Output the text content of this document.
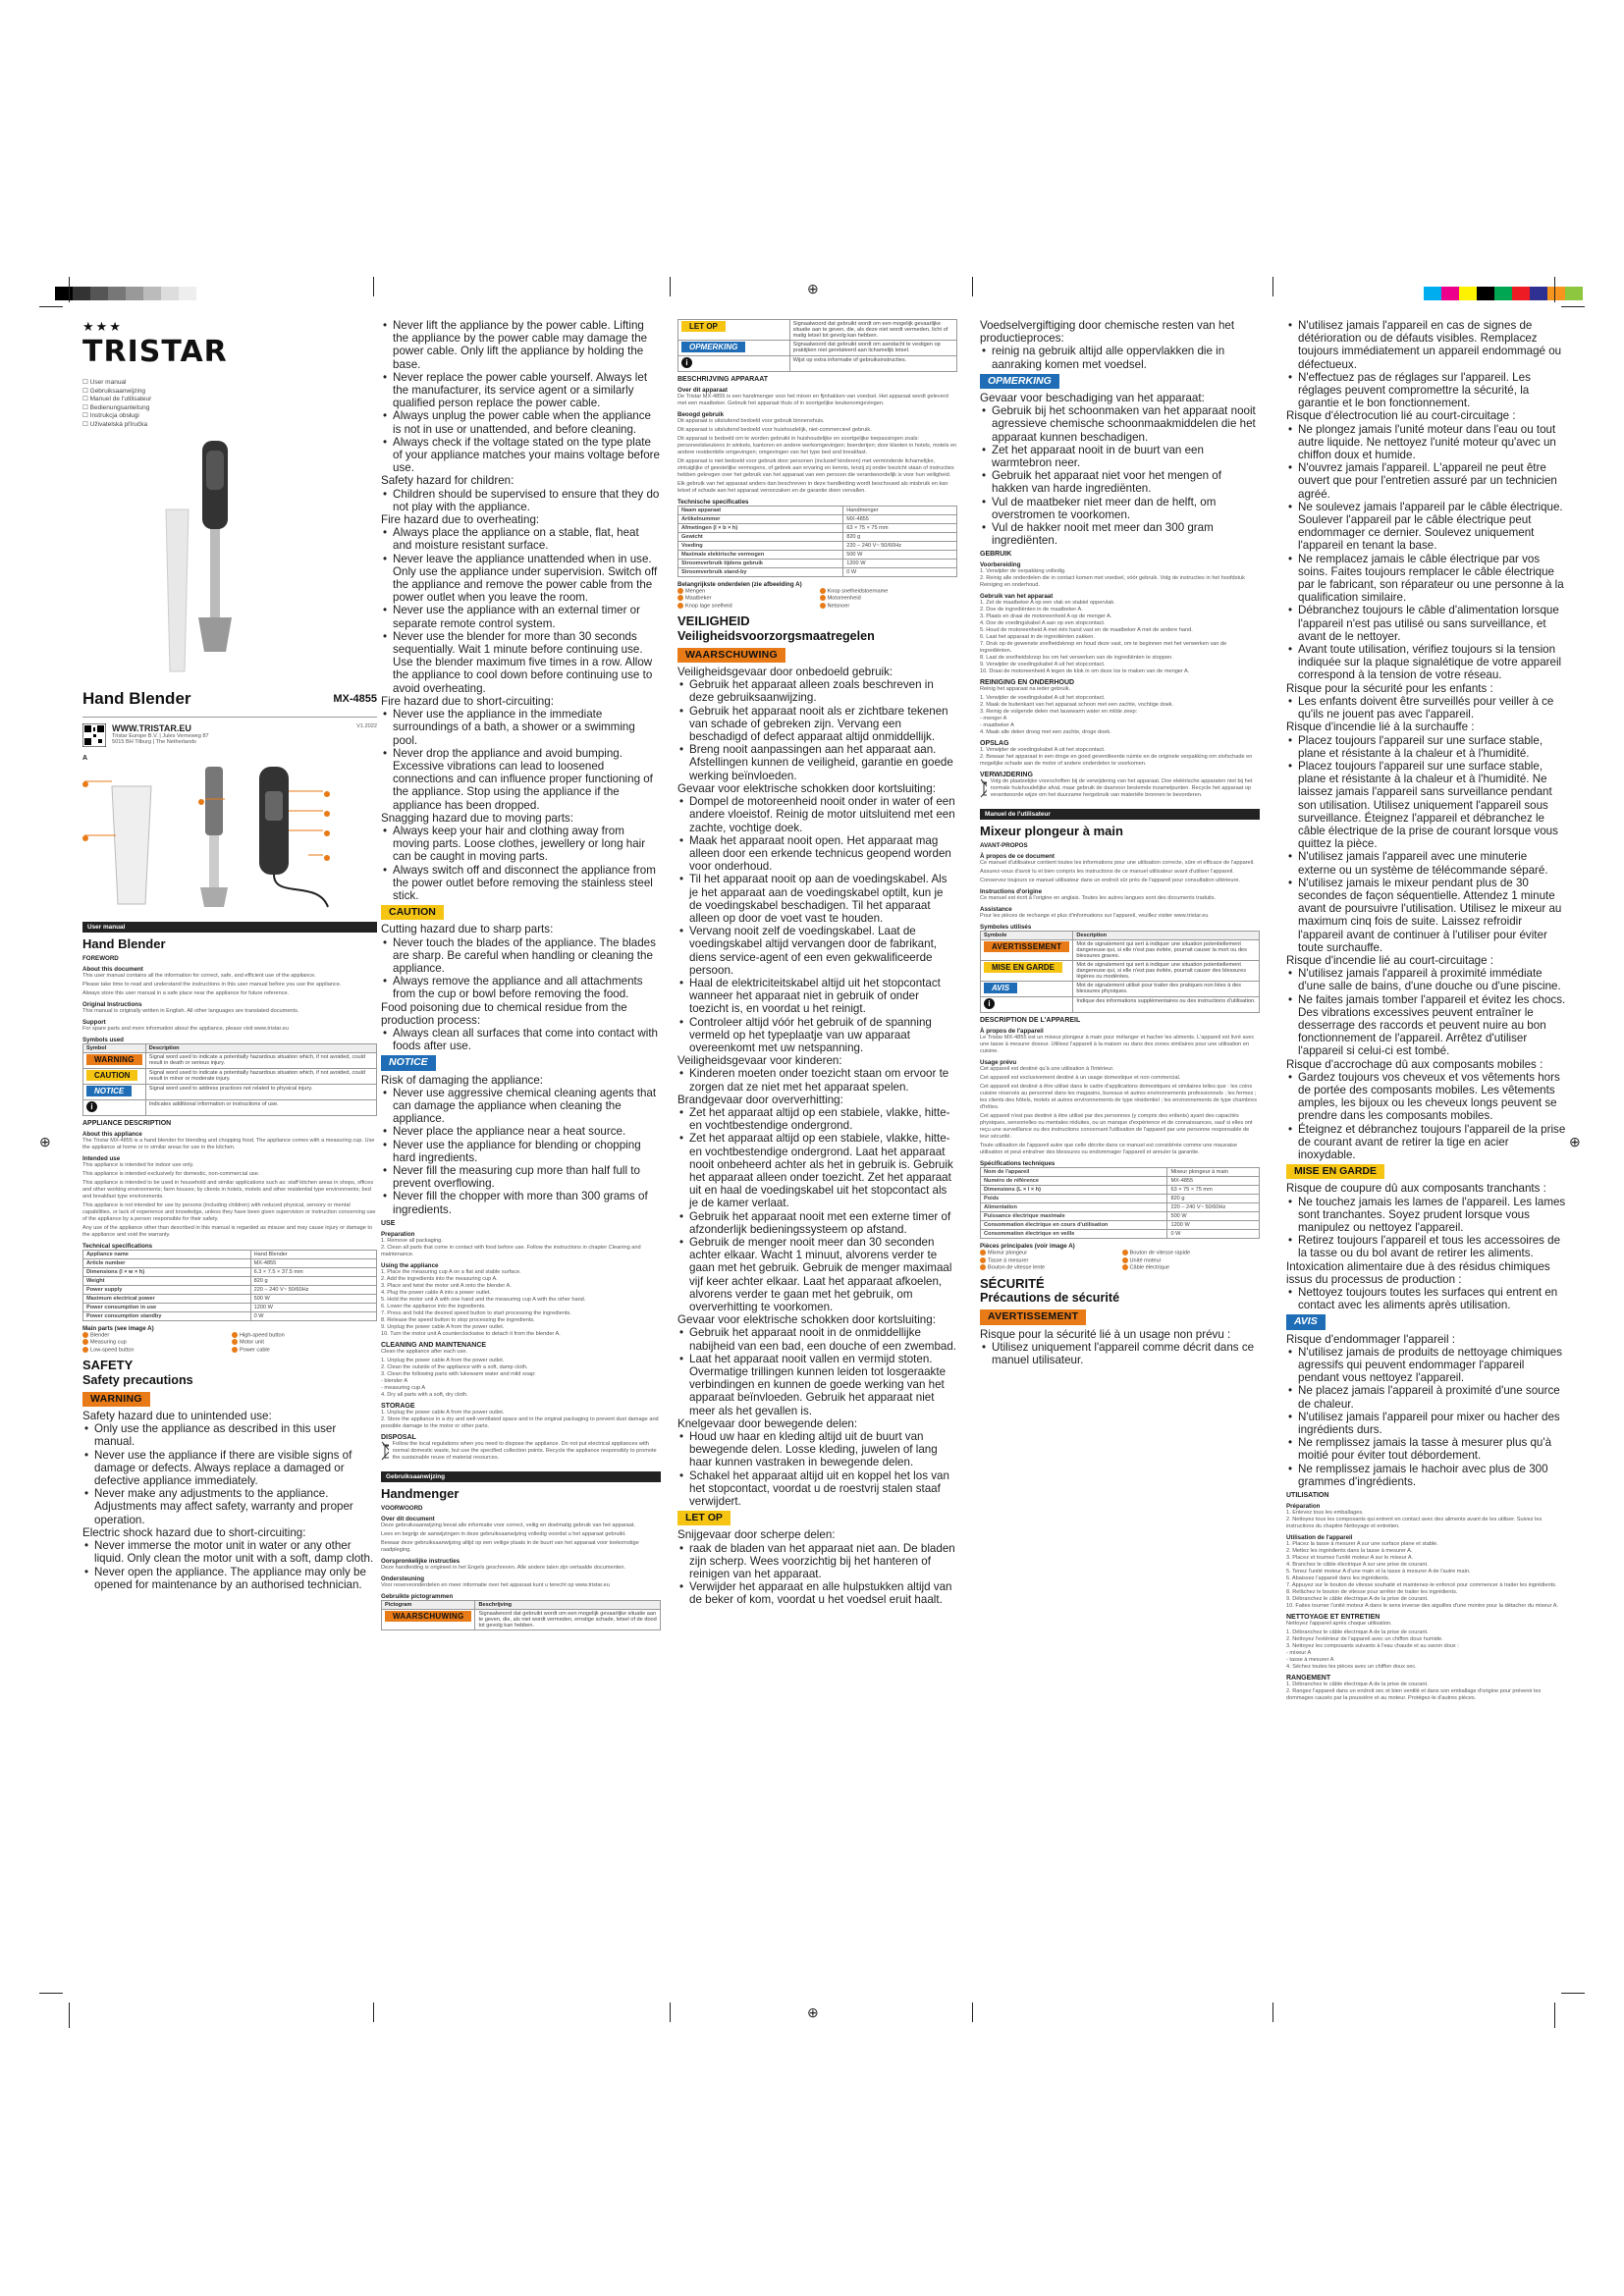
⊕
⊕
⊕	⊕
★★★
TRISTAR
☐ User manual
☐ Gebruiksaanwijzing
☐ Manuel de l'utilisateur
☐ Bedienungsanleitung
☐ Instrukcja obsługi
☐ Uživatelská příručka
Hand Blender	MX-4855
WWW.TRISTAR.EU
Tristar Europe B.V. | Jules Verneweg 87
5015 BH Tilburg | The Netherlands
V1.2022
A
User manual
Hand Blender
FOREWORD
About this document

This user manual contains all the information for correct, safe, and efficient use of the appliance.

Please take time to read and understand the instructions in this user manual before you use the appliance.

Always store this user manual in a safe place near the appliance for future reference.

Original Instructions

This manual is originally written in English. All other languages are translated documents.

Support

For spare parts and more information about the appliance, please visit www.tristar.eu

Symbols used
Symbol	Description
WARNING	Signal word used to indicate a potentially hazardous situation which, if not avoided, could result in death or serious injury.
CAUTION	Signal word used to indicate a potentially hazardous situation which, if not avoided, could result in minor or moderate injury.
NOTICE	Signal word used to address practices not related to physical injury.
i	Indicates additional information or instructions of use.
APPLIANCE DESCRIPTION
About this appliance

The Tristar MX-4855 is a hand blender for blending and chopping food. The appliance comes with a measuring cup. Use the appliance at home or in similar areas for use in the kitchen.

Intended use

This appliance is intended for indoor use only.

This appliance is intended exclusively for domestic, non-commercial use.

This appliance is intended to be used in household and similar applications such as: staff kitchen areas in shops, offices and other working environments; farm houses; by clients in hotels, motels and other residential type environments; bed and breakfast type environments.

This appliance is not intended for use by persons (including children) with reduced physical, sensory or mental capabilities, or lack of experience and knowledge, unless they have been given supervision or instruction concerning use of the appliance by a person responsible for their safety.

Any use of the appliance other than described in this manual is regarded as misuse and may cause injury or damage to the appliance and void the warranty.

Technical specifications
Appliance name	Hand Blender
Article number	MX-4855
Dimensions (l × w × h)	6.3 × 7.5 × 37.5 mm
Weight	820 g
Power supply	220 – 240 V~ 50/60Hz
Maximum electrical power	500 W
Power consumption in use	1200 W
Power consumption standby	0 W
Main parts (see image A)
Blender	High-speed button
Measuring cup	Motor unit
Low-speed button	Power cable
SAFETY
Safety precautions
WARNING

Safety hazard due to unintended use:

• Only use the appliance as described in this user manual.
• Never use the appliance if there are visible signs of damage or defects. Always replace a damaged or defective appliance immediately.
• Never make any adjustments to the appliance. Adjustments may affect safety, warranty and proper operation.

Electric shock hazard due to short-circuiting:

• Never immerse the motor unit in water or any other liquid. Only clean the motor unit with a soft, damp cloth.
• Never open the appliance. The appliance may only be opened for maintenance by an authorised technician.
• Never lift the appliance by the power cable. Lifting the appliance by the power cable may damage the power cable. Only lift the appliance by holding the base.
• Never replace the power cable yourself. Always let the manufacturer, its service agent or a similarly qualified person replace the power cable.
• Always unplug the power cable when the appliance is not in use or unattended, and before cleaning.
• Always check if the voltage stated on the type plate of your appliance matches your mains voltage before use.

Safety hazard for children:

• Children should be supervised to ensure that they do not play with the appliance.

Fire hazard due to overheating:

• Always place the appliance on a stable, flat, heat and moisture resistant surface.
• Never leave the appliance unattended when in use. Only use the appliance under supervision. Switch off the appliance and remove the power cable from the power outlet when you leave the room.
• Never use the appliance with an external timer or separate remote control system.
• Never use the blender for more than 30 seconds sequentially. Wait 1 minute before continuing use. Use the blender maximum five times in a row. Allow the appliance to cool down before continuing use to avoid overheating.

Fire hazard due to short-circuiting:

• Never use the appliance in the immediate surroundings of a bath, a shower or a swimming pool.
• Never drop the appliance and avoid bumping. Excessive vibrations can lead to loosened connections and can influence proper functioning of the appliance. Stop using the appliance if the appliance has been dropped.

Snagging hazard due to moving parts:

• Always keep your hair and clothing away from moving parts. Loose clothes, jewellery or long hair can be caught in moving parts.
• Always switch off and disconnect the appliance from the power outlet before removing the stainless steel stick.
CAUTION

Cutting hazard due to sharp parts:

• Never touch the blades of the appliance. The blades are sharp. Be careful when handling or cleaning the appliance.
• Always remove the appliance and all attachments from the cup or bowl before removing the food.

Food poisoning due to chemical residue from the production process:

• Always clean all surfaces that come into contact with foods after use.
NOTICE

Risk of damaging the appliance:

• Never use aggressive chemical cleaning agents that can damage the appliance when cleaning the appliance.
• Never place the appliance near a heat source.
• Never use the appliance for blending or chopping hard ingredients.
• Never fill the measuring cup more than half full to prevent overflowing.
• Never fill the chopper with more than 300 grams of ingredients.
USE
Preparation
1. Remove all packaging.
2. Clean all parts that come in contact with food before use. Follow the instructions in chapter Cleaning and maintenance.
Using the appliance
1. Place the measuring cup A on a flat and stable surface.
2. Add the ingredients into the measuring cup A.
3. Place and twist the motor unit A onto the blender A.
4. Plug the power cable A into a power outlet.
5. Hold the motor unit A with one hand and the measuring cup A with the other hand.
6. Lower the appliance into the ingredients.
7. Press and hold the desired speed button to start processing the ingredients.
8. Release the speed button to stop processing the ingredients.
9. Unplug the power cable A from the power outlet.
10. Turn the motor unit A counterclockwise to detach it from the blender A.
CLEANING AND MAINTENANCE

Clean the appliance after each use.

1. Unplug the power cable A from the power outlet.
2. Clean the outside of the appliance with a soft, damp cloth.
3. Clean the following parts with lukewarm water and mild soap:
- blender A
- measuring cup A
4. Dry all parts with a soft, dry cloth.
STORAGE
1. Unplug the power cable A from the power outlet.
2. Store the appliance in a dry and well-ventilated space and in the original packaging to prevent dust damage and possible damage to the motor or other parts.
DISPOSAL

Follow the local regulations when you need to dispose the appliance. Do not put electrical appliances with normal domestic waste, but use the specified collection points. Recycle the appliance responsibly to promote the sustainable reuse of material resources.

Gebruiksaanwijzing
Handmenger
VOORWOORD
Over dit document

Deze gebruiksaanwijzing bevat alle informatie voor correct, veilig en doelmatig gebruik van het apparaat.

Lees en begrijp de aanwijzingen in deze gebruiksaanwijzing volledig voordat u het apparaat gebruikt.

Bewaar deze gebruiksaanwijzing altijd op een veilige plaats in de buurt van het apparaat voor toekomstige raadpleging.

Oorspronkelijke instructies

Deze handleiding is origineel in het Engels geschreven. Alle andere talen zijn vertaalde documenten.

Ondersteuning

Voor reserveonderdelen en meer informatie over het apparaat kunt u terecht op www.tristar.eu

Gebruikte pictogrammen
Pictogram	Beschrijving
WAARSCHUWING	Signaalwoord dat gebruikt wordt om een mogelijk gevaarlijke situatie aan te geven, die, als niet wordt vermeden, ernstige schade, letsel of de dood tot gevolg kan hebben.
LET OP	Signaalwoord dat gebruikt wordt om een mogelijk gevaarlijke situatie aan te geven, die, als deze niet wordt vermeden, licht of matig letsel tot gevolg kan hebben.
OPMERKING	Signaalwoord dat gebruikt wordt om aandacht te vestigen op praktijken niet gerelateerd aan lichamelijk letsel.
i	Wijst op extra informatie of gebruiksinstructies.
BESCHRIJVING APPARAAT
Over dit apparaat

De Tristar MX-4855 is een handmenger voor het mixen en fijnhakken van voedsel. Het apparaat wordt geleverd met een maatbeker. Gebruik het apparaat thuis of in soortgelijke keukenomgevingen.

Beoogd gebruik

Dit apparaat is uitsluitend bedoeld voor gebruik binnenshuis.

Dit apparaat is uitsluitend bedoeld voor huishoudelijk, niet-commercieel gebruik.

Dit apparaat is bedoeld om te worden gebruikt in huishoudelijke en soortgelijke toepassingen zoals: personeelskeukens in winkels, kantoren en andere werkomgevingen; boerderijen; door klanten in hotels, motels en andere residentiële omgevingen; omgevingen van het type bed and breakfast.

Dit apparaat is niet bedoeld voor gebruik door personen (inclusief kinderen) met verminderde lichamelijke, zintuiglijke of geestelijke vermogens, of gebrek aan ervaring en kennis, tenzij zij onder toezicht staan of instructies hebben gekregen over het gebruik van het apparaat van een persoon die verantwoordelijk is voor hun veiligheid.

Elk gebruik van het apparaat anders dan beschreven in deze handleiding wordt beschouwd als misbruik en kan letsel of schade aan het apparaat veroorzaken en de garantie doen vervallen.

Technische specificaties
Naam apparaat	Handmenger
Artikelnummer	MX-4855
Afmetingen (l × b × h)	63 × 75 × 75 mm
Gewicht	820 g
Voeding	220 – 240 V~ 50/60Hz
Maximale elektrische vermogen	500 W
Stroomverbruik tijdens gebruik	1200 W
Stroomverbruik stand-by	0 W
Belangrijkste onderdelen (zie afbeelding A)
Mengen	Knop snelheidstoername
Maatbeker	Motoreenheid
Knop lage snelheid	Netsnoer
VEILIGHEID
Veiligheidsvoorzorgsmaatregelen
WAARSCHUWING

Veiligheidsgevaar door onbedoeld gebruik:

• Gebruik het apparaat alleen zoals beschreven in deze gebruiksaanwijzing.
• Gebruik het apparaat nooit als er zichtbare tekenen van schade of gebreken zijn. Vervang een beschadigd of defect apparaat altijd onmiddellijk.
• Breng nooit aanpassingen aan het apparaat aan. Afstellingen kunnen de veiligheid, garantie en goede werking beïnvloeden.

Gevaar voor elektrische schokken door kortsluiting:

• Dompel de motoreenheid nooit onder in water of een andere vloeistof. Reinig de motor uitsluitend met een zachte, vochtige doek.
• Maak het apparaat nooit open. Het apparaat mag alleen door een erkende technicus geopend worden voor onderhoud.
• Til het apparaat nooit op aan de voedingskabel. Als je het apparaat aan de voedingskabel optilt, kun je de voedingskabel beschadigen. Til het apparaat alleen op door de voet vast te houden.
• Vervang nooit zelf de voedingskabel. Laat de voedingskabel altijd vervangen door de fabrikant, diens service-agent of een even gekwalificeerde persoon.
• Haal de elektriciteitskabel altijd uit het stopcontact wanneer het apparaat niet in gebruik of onder toezicht is, en voordat u het reinigt.
• Controleer altijd vóór het gebruik of de spanning vermeld op het typeplaatje van uw apparaat overeenkomt met uw netspanning.

Veiligheidsgevaar voor kinderen:

• Kinderen moeten onder toezicht staan om ervoor te zorgen dat ze niet met het apparaat spelen.

Brandgevaar door oververhitting:

• Zet het apparaat altijd op een stabiele, vlakke, hitte- en vochtbestendige ondergrond.
• Zet het apparaat altijd op een stabiele, vlakke, hitte- en vochtbestendige ondergrond. Laat het apparaat nooit onbeheerd achter als het in gebruik is. Gebruik het apparaat alleen onder toezicht. Zet het apparaat uit en haal de voedingskabel uit het stopcontact als je de kamer verlaat.
• Gebruik het apparaat nooit met een externe timer of afzonderlijk bedieningssysteem op afstand.
• Gebruik de menger nooit meer dan 30 seconden achter elkaar. Wacht 1 minuut, alvorens verder te gaan met het gebruik. Gebruik de menger maximaal vijf keer achter elkaar. Laat het apparaat afkoelen, alvorens verder te gaan met het gebruik, om oververhitting te voorkomen.

Gevaar voor elektrische schokken door kortsluiting:

• Gebruik het apparaat nooit in de onmiddellijke nabijheid van een bad, een douche of een zwembad.
• Laat het apparaat nooit vallen en vermijd stoten. Overmatige trillingen kunnen leiden tot losgeraakte verbindingen en kunnen de goede werking van het apparaat beïnvloeden. Gebruik het apparaat niet meer als het gevallen is.

Knelgevaar door bewegende delen:

• Houd uw haar en kleding altijd uit de buurt van bewegende delen. Losse kleding, juwelen of lang haar kunnen vastraken in bewegende delen.
• Schakel het apparaat altijd uit en koppel het los van het stopcontact, voordat u de roestvrij stalen staaf verwijdert.
LET OP

Snijgevaar door scherpe delen:

• raak de bladen van het apparaat niet aan. De bladen zijn scherp. Wees voorzichtig bij het hanteren of reinigen van het apparaat.
• Verwijder het apparaat en alle hulpstukken altijd van de beker of kom, voordat u het voedsel eruit haalt.

Voedselvergiftiging door chemische resten van het productieproces:

• reinig na gebruik altijd alle oppervlakken die in aanraking komen met voedsel.
OPMERKING

Gevaar voor beschadiging van het apparaat:

• Gebruik bij het schoonmaken van het apparaat nooit agressieve chemische schoonmaakmiddelen die het apparaat kunnen beschadigen.
• Zet het apparaat nooit in de buurt van een warmtebron neer.
• Gebruik het apparaat niet voor het mengen of hakken van harde ingrediënten.
• Vul de maatbeker niet meer dan de helft, om overstromen te voorkomen.
• Vul de hakker nooit met meer dan 300 gram ingrediënten.
GEBRUIK
Voorbereiding
1. Verwijder de verpakking volledig.
2. Reinig alle onderdelen die in contact komen met voedsel, vóór gebruik. Volg de instructies in het hoofdstuk Reiniging en onderhoud.
Gebruik van het apparaat
1. Zet de maatbeker A op een vlak en stabiel oppervlak.
2. Doe de ingrediënten in de maatbeker A.
3. Plaats en draai de motoreenheid A op de menger A.
4. Doe de voedingskabel A aan op een stopcontact.
5. Houd de motoreenheid A met één hand vast en de maatbeker A met de andere hand.
6. Laat het apparaat in de ingrediënten zakken.
7. Druk op de gewenste snelheidsknop en houd deze vast, om te beginnen met het verwerken van de ingrediënten.
8. Laat de snelheidsknop los om het verwerken van de ingrediënten te stoppen.
9. Verwijder de voedingskabel A uit het stopcontact.
10. Draai de motoreenheid A tegen de klok in om deze los te maken van de menger A.
REINIGING EN ONDERHOUD

Reinig het apparaat na ieder gebruik.

1. Verwijder de voedingskabel A uit het stopcontact.
2. Maak de buitenkant van het apparaat schoon met een zachte, vochtige doek.
3. Reinig de volgende delen met lauwwarm water en milde zeep:
- menger A
- maatbeker A
4. Maak alle delen droog met een zachte, droge doek.
OPSLAG
1. Verwijder de voedingskabel A uit het stopcontact.
2. Bewaar het apparaat in een droge en goed geventileerde ruimte en de originele verpakking om stofschade en mogelijke schade aan de motor of andere onderdelen te voorkomen.
VERWIJDERING

Volg de plaatselijke voorschriften bij de verwijdering van het apparaat. Doe elektrische apparaten niet bij het normale huishoudelijke afval, maar gebruik de daarvoor bestemde inzamelpunten. Recycle het apparaat op verantwoorde wijze om het duurzame hergebruik van materiële bronnen te bevorderen.

Manuel de l'utilisateur
Mixeur plongeur à main
AVANT-PROPOS
À propos de ce document

Ce manuel d'utilisateur contient toutes les informations pour une utilisation correcte, sûre et efficace de l'appareil.

Assurez-vous d'avoir lu et bien compris les instructions de ce manuel utilisateur avant d'utiliser l'appareil.

Conservez toujours ce manuel utilisateur dans un endroit sûr près de l'appareil pour consultation ultérieure.

Instructions d'origine

Ce manuel est écrit à l'origine en anglais. Toutes les autres langues sont des documents traduits.

Assistance

Pour les pièces de rechange et plus d'informations sur l'appareil, veuillez visiter www.tristar.eu

Symboles utilisés
Symbole	Description
AVERTISSEMENT	Mot de signalement qui sert à indiquer une situation potentiellement dangereuse qui, si elle n'est pas évitée, pourrait causer la mort ou des blessures graves.
MISE EN GARDE	Mot de signalement qui sert à indiquer une situation potentiellement dangereuse qui, si elle n'est pas évitée, pourrait causer des blessures légères ou modérées.
AVIS	Mot de signalement utilisé pour traiter des pratiques non liées à des blessures physiques.
i	Indique des informations supplémentaires ou des instructions d'utilisation.
DESCRIPTION DE L'APPAREIL
À propos de l'appareil

Le Tristar MX-4855 est un mixeur plongeur à main pour mélanger et hacher les aliments. L'appareil est livré avec une tasse à mesurer doseur. Utilisez l'appareil à la maison ou dans des zones similaires pour une utilisation en cuisine.

Usage prévu

Cet appareil est destiné qu'à une utilisation à l'intérieur.

Cet appareil est exclusivement destiné à un usage domestique et non commercial.

Cet appareil est destiné à être utilisé dans le cadre d'applications domestiques et similaires telles que : les coins cuisine réservés au personnel dans les magasins, bureaux et autres environnements professionnels ; les fermes ; les clients des hôtels, motels et autres environnements de type résidentiel ; les environnements de type chambres d'hôtes.

Cet appareil n'est pas destiné à être utilisé par des personnes (y compris des enfants) ayant des capacités physiques, sensorielles ou mentales réduites, ou un manque d'expérience et de connaissances, sauf si elles ont reçu une surveillance ou des instructions concernant l'utilisation de l'appareil par une personne responsable de leur sécurité.

Toute utilisation de l'appareil autre que celle décrite dans ce manuel est considérée comme une mauvaise utilisation et peut entraîner des blessures ou endommager l'appareil et annuler la garantie.

Spécifications techniques
Nom de l'appareil	Mixeur plongeur à main
Numéro de référence	MX-4855
Dimensions (L × l × h)	63 × 75 × 75 mm
Poids	820 g
Alimentation	220 – 240 V~ 50/60Hz
Puissance électrique maximale	500 W
Consommation électrique en cours d'utilisation	1200 W
Consommation électrique en veille	0 W
Pièces principales (voir image A)
Mixeur plongeur	Bouton de vitesse rapide
Tasse à mesurer	Unité moteur
Bouton de vitesse lente	Câble électrique
SÉCURITÉ
Précautions de sécurité
AVERTISSEMENT

Risque pour la sécurité lié à un usage non prévu :

• Utilisez uniquement l'appareil comme décrit dans ce manuel utilisateur.
• N'utilisez jamais l'appareil en cas de signes de détérioration ou de défauts visibles. Remplacez toujours immédiatement un appareil endommagé ou défectueux.
• N'effectuez pas de réglages sur l'appareil. Les réglages peuvent compromettre la sécurité, la garantie et le bon fonctionnement.

Risque d'électrocution lié au court-circuitage :

• Ne plongez jamais l'unité moteur dans l'eau ou tout autre liquide. Ne nettoyez l'unité moteur qu'avec un chiffon doux et humide.
• N'ouvrez jamais l'appareil. L'appareil ne peut être ouvert que pour l'entretien assuré par un technicien agréé.
• Ne soulevez jamais l'appareil par le câble électrique. Soulever l'appareil par le câble électrique peut endommager ce dernier. Soulevez uniquement l'appareil en tenant la base.
• Ne remplacez jamais le câble électrique par vos soins. Faites toujours remplacer le câble électrique par le fabricant, son réparateur ou une personne à la qualification similaire.
• Débranchez toujours le câble d'alimentation lorsque l'appareil n'est pas utilisé ou sans surveillance, et avant de le nettoyer.
• Avant toute utilisation, vérifiez toujours si la tension indiquée sur la plaque signalétique de votre appareil correspond à la tension de votre réseau.

Risque pour la sécurité pour les enfants :

• Les enfants doivent être surveillés pour veiller à ce qu'ils ne jouent pas avec l'appareil.

Risque d'incendie lié à la surchauffe :

• Placez toujours l'appareil sur une surface stable, plane et résistante à la chaleur et à l'humidité.
• Placez toujours l'appareil sur une surface stable, plane et résistante à la chaleur et à l'humidité. Ne laissez jamais l'appareil sans surveillance pendant son utilisation. Utilisez uniquement l'appareil sous surveillance. Éteignez l'appareil et débranchez le câble électrique de la prise de courant lorsque vous quittez la pièce.
• N'utilisez jamais l'appareil avec une minuterie externe ou un système de télécommande séparé.
• N'utilisez jamais le mixeur pendant plus de 30 secondes de façon séquentielle. Attendez 1 minute avant de poursuivre l'utilisation. Utilisez le mixeur au maximum cinq fois de suite. Laissez refroidir l'appareil avant de continuer à l'utiliser pour éviter toute surchauffe.

Risque d'incendie lié au court-circuitage :

• N'utilisez jamais l'appareil à proximité immédiate d'une salle de bains, d'une douche ou d'une piscine.
• Ne faites jamais tomber l'appareil et évitez les chocs. Des vibrations excessives peuvent entraîner le desserrage des raccords et peuvent nuire au bon fonctionnement de l'appareil. Arrêtez d'utiliser l'appareil si celui-ci est tombé.

Risque d'accrochage dû aux composants mobiles :

• Gardez toujours vos cheveux et vos vêtements hors de portée des composants mobiles. Les vêtements amples, les bijoux ou les cheveux longs peuvent se prendre dans les composants mobiles.
• Éteignez et débranchez toujours l'appareil de la prise de courant avant de retirer la tige en acier inoxydable.
MISE EN GARDE

Risque de coupure dû aux composants tranchants :

• Ne touchez jamais les lames de l'appareil. Les lames sont tranchantes. Soyez prudent lorsque vous manipulez ou nettoyez l'appareil.
• Retirez toujours l'appareil et tous les accessoires de la tasse ou du bol avant de retirer les aliments.

Intoxication alimentaire due à des résidus chimiques issus du processus de production :

• Nettoyez toujours toutes les surfaces qui entrent en contact avec les aliments après utilisation.
AVIS

Risque d'endommager l'appareil :

• N'utilisez jamais de produits de nettoyage chimiques agressifs qui peuvent endommager l'appareil pendant vous nettoyez l'appareil.
• Ne placez jamais l'appareil à proximité d'une source de chaleur.
• N'utilisez jamais l'appareil pour mixer ou hacher des ingrédients durs.
• Ne remplissez jamais la tasse à mesurer plus qu'à moitié pour éviter tout débordement.
• Ne remplissez jamais le hachoir avec plus de 300 grammes d'ingrédients.
UTILISATION
Préparation
1. Enlevez tous les emballages.
2. Nettoyez tous les composants qui entrent en contact avec des aliments avant de les utiliser. Suivez les instructions du chapitre Nettoyage et entretien.
Utilisation de l'appareil
1. Placez la tasse à mesurer A sur une surface plane et stable.
2. Mettez les ingrédients dans la tasse à mesurer A.
3. Placez et tournez l'unité moteur A sur le mixeur A.
4. Branchez le câble électrique A sur une prise de courant.
5. Tenez l'unité moteur A d'une main et la tasse à mesurer A de l'autre main.
6. Abaissez l'appareil dans les ingrédients.
7. Appuyez sur le bouton de vitesse souhaité et maintenez-le enfoncé pour commencer à traiter les ingrédients.
8. Relâchez le bouton de vitesse pour arrêter de traiter les ingrédients.
9. Débranchez le câble électrique A de la prise de courant.
10. Faites tourner l'unité moteur A dans le sens inverse des aiguilles d'une montre pour la détacher du mixeur A.
NETTOYAGE ET ENTRETIEN

Nettoyez l'appareil après chaque utilisation.

1. Débranchez le câble électrique A de la prise de courant.
2. Nettoyez l'extérieur de l'appareil avec un chiffon doux humide.
3. Nettoyez les composants suivants à l'eau chaude et au savon doux :
- mixeur A
- tasse à mesurer A
4. Séchez toutes les pièces avec un chiffon doux sec.
RANGEMENT
1. Débranchez le câble électrique A de la prise de courant.
2. Rangez l'appareil dans un endroit sec et bien ventilé et dans son emballage d'origine pour prévenir les dommages causés par la poussière et au moteur. Protégez-le d'autres pièces.
